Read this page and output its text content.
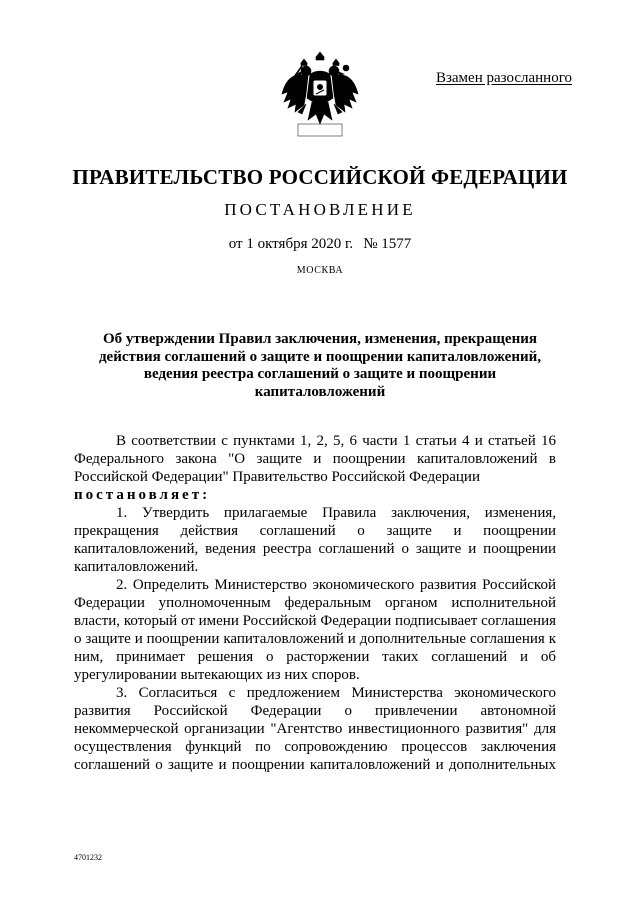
Взамен разосланного
ПРАВИТЕЛЬСТВО РОССИЙСКОЙ ФЕДЕРАЦИИ
ПОСТАНОВЛЕНИЕ
от 1 октября 2020 г. № 1577
МОСКВА
Об утверждении Правил заключения, изменения, прекращения действия соглашений о защите и поощрении капиталовложений, ведения реестра соглашений о защите и поощрении капиталовложений

В соответствии с пунктами 1, 2, 5, 6 части 1 статьи 4 и статьей 16 Федерального закона "О защите и поощрении капиталовложений в Российской Федерации" Правительство Российской Федерации

постановляет:

1. Утвердить прилагаемые Правила заключения, изменения, прекращения действия соглашений о защите и поощрении капиталовложений, ведения реестра соглашений о защите и поощрении капиталовложений.

2. Определить Министерство экономического развития Российской Федерации уполномоченным федеральным органом исполнительной власти, который от имени Российской Федерации подписывает соглашения о защите и поощрении капиталовложений и дополнительные соглашения к ним, принимает решения о расторжении таких соглашений и об урегулировании вытекающих из них споров.

3. Согласиться с предложением Министерства экономического развития Российской Федерации о привлечении автономной некоммерческой организации "Агентство инвестиционного развития" для осуществления функций по сопровождению процессов заключения соглашений о защите и поощрении капиталовложений и дополнительных

4701232
